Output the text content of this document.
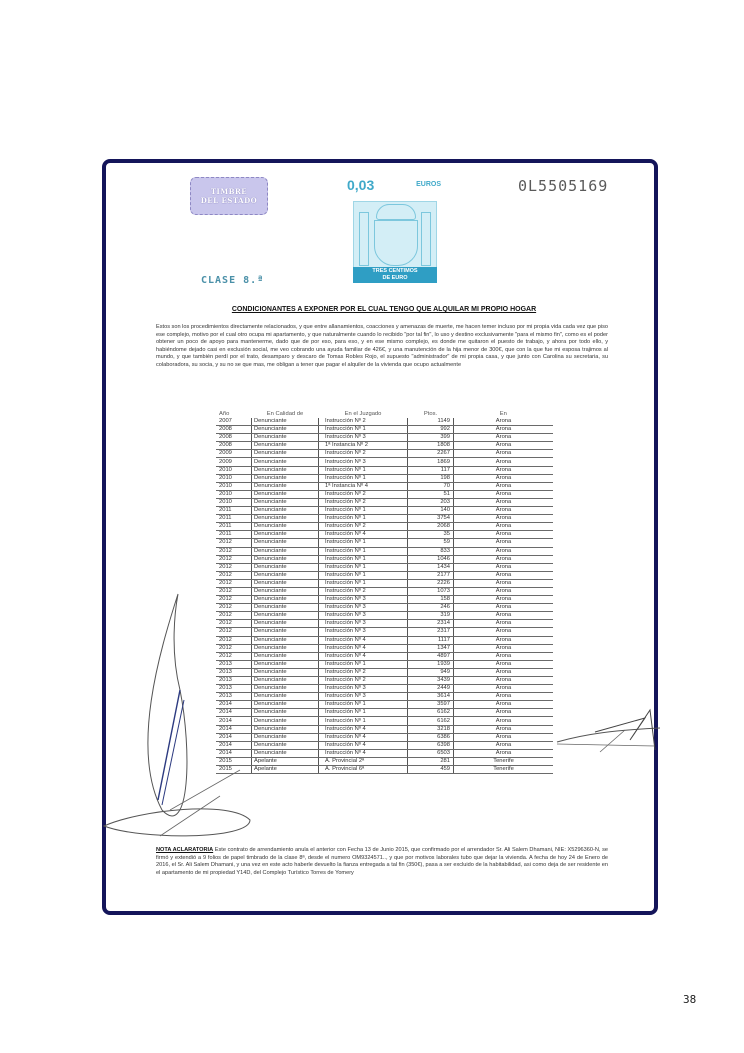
TIMBRE
DEL ESTADO
0,03	EUROS
TRES CENTIMOS
DE EURO
0L5505169
CLASE 8.ª
CONDICIONANTES A EXPONER POR EL CUAL TENGO QUE ALQUILAR MI PROPIO HOGAR
Estos son los procedimientos directamente relacionados, y que entre allanamientos, coacciones y amenazas de muerte, me hacen temer incluso por mi propia vida cada vez que piso ese complejo, motivo por el cual otro ocupa mi apartamento, y que naturalmente cuando lo recibido "por tal fin", lo uso y destino exclusivamente "para el mismo fin", como es el poder obtener un poco de apoyo para mantenerme, dado que de por eso, para eso, y en ese mismo complejo, es donde me quitaron el puesto de trabajo, y ahora por todo ello, y habiéndome dejado casi en exclusión social, me veo cobrando una ayuda familiar de 426€, y una manutención de la hija menor de 300€, que con la que fue mi esposa trajimos al mundo, y que también perdí por el trato, desamparo y descaro de Tomas Robles Rojo, el supuesto "administrador" de mi propia casa, y que junto con Carolina su secretaria, su colaboradora, su socia, y su no se que mas, me obligan a tener que pagar el alquiler de la vivienda que ocupo actualmente
Año	En Calidad de	En el Juzgado	Ptos.	En
2007	Denunciante	Instrucción Nº 2	1149	Arona
2008	Denunciante	Instrucción Nº 1	992	Arona
2008	Denunciante	Instrucción Nº 3	399	Arona
2008	Denunciante	1ª Instancia Nº 2	1808	Arona
2009	Denunciante	Instrucción Nº 2	2267	Arona
2009	Denunciante	Instrucción Nº 3	1869	Arona
2010	Denunciante	Instrucción Nº 1	117	Arona
2010	Denunciante	Instrucción Nº 1	198	Arona
2010	Denunciante	1ª Instancia Nº 4	70	Arona
2010	Denunciante	Instrucción Nº 2	51	Arona
2010	Denunciante	Instrucción Nº 2	203	Arona
2011	Denunciante	Instrucción Nº 1	140	Arona
2011	Denunciante	Instrucción Nº 1	3754	Arona
2011	Denunciante	Instrucción Nº 2	2068	Arona
2011	Denunciante	Instrucción Nº 4	35	Arona
2012	Denunciante	Instrucción Nº 1	59	Arona
2012	Denunciante	Instrucción Nº 1	833	Arona
2012	Denunciante	Instrucción Nº 1	1046	Arona
2012	Denunciante	Instrucción Nº 1	1434	Arona
2012	Denunciante	Instrucción Nº 1	2177	Arona
2012	Denunciante	Instrucción Nº 1	2226	Arona
2012	Denunciante	Instrucción Nº 2	1073	Arona
2012	Denunciante	Instrucción Nº 3	158	Arona
2012	Denunciante	Instrucción Nº 3	246	Arona
2012	Denunciante	Instrucción Nº 3	319	Arona
2012	Denunciante	Instrucción Nº 3	2314	Arona
2012	Denunciante	Instrucción Nº 3	2317	Arona
2012	Denunciante	Instrucción Nº 4	1117	Arona
2012	Denunciante	Instrucción Nº 4	1347	Arona
2012	Denunciante	Instrucción Nº 4	4897	Arona
2013	Denunciante	Instrucción Nº 1	1939	Arona
2013	Denunciante	Instrucción Nº 2	949	Arona
2013	Denunciante	Instrucción Nº 2	3439	Arona
2013	Denunciante	Instrucción Nº 3	2449	Arona
2013	Denunciante	Instrucción Nº 3	3614	Arona
2014	Denunciante	Instrucción Nº 1	3597	Arona
2014	Denunciante	Instrucción Nº 1	6162	Arona
2014	Denunciante	Instrucción Nº 1	6162	Arona
2014	Denunciante	Instrucción Nº 4	3218	Arona
2014	Denunciante	Instrucción Nº 4	6386	Arona
2014	Denunciante	Instrucción Nº 4	6398	Arona
2014	Denunciante	Instrucción Nº 4	6503	Arona
2015	Apelante	A. Provincial 2ª	281	Tenerife
2015	Apelante	A. Provincial 6ª	459	Tenerife
NOTA ACLARATORIA Este contrato de arrendamiento anula el anterior con Fecha 13 de Junio 2015, que confirmado por el arrendador Sr. Ali Salem Dhamani, NIE: X5296360-N, se firmó y extendió a 9 folios de papel timbrado de la clase 8ª, desde el numero OM9324571.., y que por motivos laborales tubo que dejar la vivienda. A fecha de hoy 24 de Enero de 2016, el Sr. Ali Salem Dhamani, y una vez en este acto haberle devuelto la fianza entregada a tal fin (350€), pasa a ser excluido de la habitabilidad, asi como deja de ser residente en el apartamento de mi propiedad Y14D, del Complejo Turístico Torres de Yomery
38
